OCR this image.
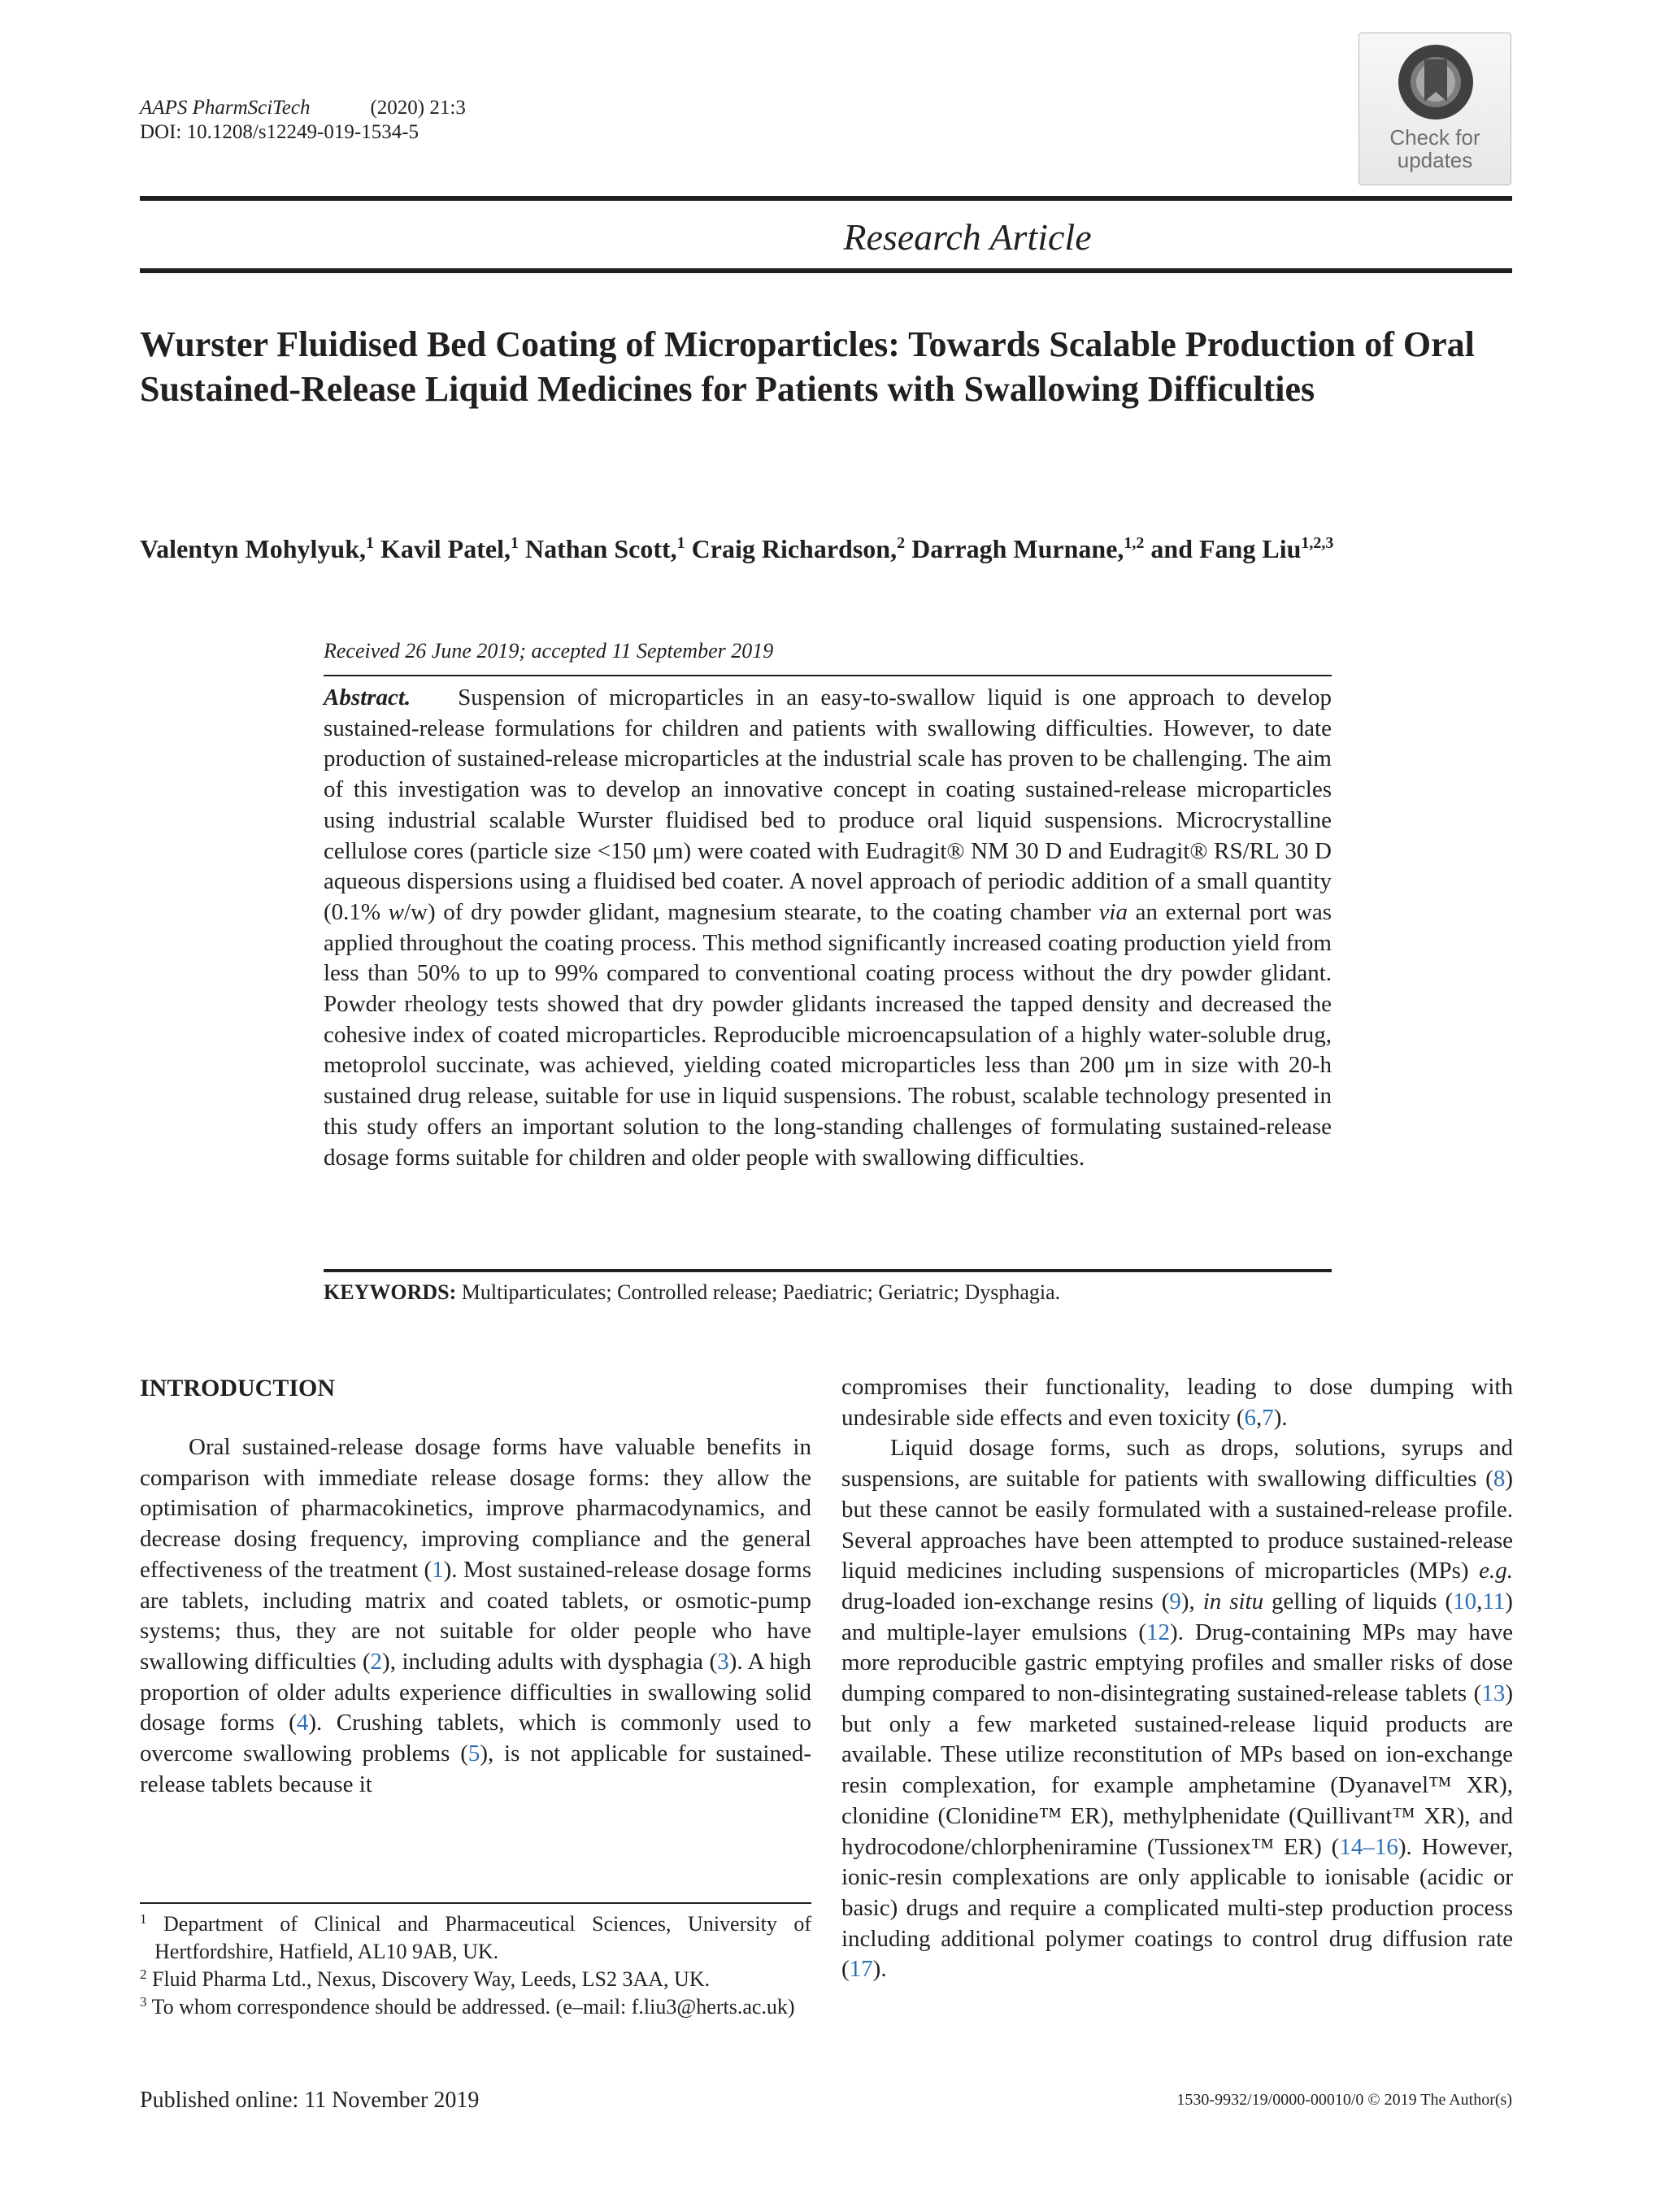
AAPS PharmSciTech	(2020) 21:3
DOI: 10.1208/s12249-019-1534-5	Check for
updates
Research Article
Wurster Fluidised Bed Coating of Microparticles: Towards Scalable Production of Oral Sustained-Release Liquid Medicines for Patients with Swallowing Difficulties
Valentyn Mohylyuk,$^1$ Kavil Patel,$^1$ Nathan Scott,$^1$ Craig Richardson,$^2$ Darragh Murnane,$^{1,2}$ and Fang Liu$^{1,2,3}$
Received 26 June 2019; accepted 11 September 2019

Abstract. Suspension of microparticles in an easy-to-swallow liquid is one approach to develop sustained-release formulations for children and patients with swallowing difficulties. However, to date production of sustained-release microparticles at the industrial scale has proven to be challenging. The aim of this investigation was to develop an innovative concept in coating sustained-release microparticles using industrial scalable Wurster fluidised bed to produce oral liquid suspensions. Microcrystalline cellulose cores (particle size <150 μm) were coated with Eudragit® NM 30 D and Eudragit® RS/RL 30 D aqueous dispersions using a fluidised bed coater. A novel approach of periodic addition of a small quantity (0.1% w/w) of dry powder glidant, magnesium stearate, to the coating chamber via an external port was applied throughout the coating process. This method significantly increased coating production yield from less than 50% to up to 99% compared to conventional coating process without the dry powder glidant. Powder rheology tests showed that dry powder glidants increased the tapped density and decreased the cohesive index of coated microparticles. Reproducible microencapsulation of a highly water-soluble drug, metoprolol succinate, was achieved, yielding coated microparticles less than 200 μm in size with 20-h sustained drug release, suitable for use in liquid suspensions. The robust, scalable technology presented in this study offers an important solution to the long-standing challenges of formulating sustained-release dosage forms suitable for children and older people with swallowing difficulties.

KEYWORDS: Multiparticulates; Controlled release; Paediatric; Geriatric; Dysphagia.
INTRODUCTION

Oral sustained-release dosage forms have valuable benefits in comparison with immediate release dosage forms: they allow the optimisation of pharmacokinetics, improve pharmacodynamics, and decrease dosing frequency, improving compliance and the general effectiveness of the treatment (1). Most sustained-release dosage forms are tablets, including matrix and coated tablets, or osmotic-pump systems; thus, they are not suitable for older people who have swallowing difficulties (2), including adults with dysphagia (3). A high proportion of older adults experience difficulties in swallowing solid dosage forms (4). Crushing tablets, which is commonly used to overcome swallowing problems (5), is not applicable for sustained-release tablets because it

compromises their functionality, leading to dose dumping with undesirable side effects and even toxicity (6,7).

Liquid dosage forms, such as drops, solutions, syrups and suspensions, are suitable for patients with swallowing difficulties (8) but these cannot be easily formulated with a sustained-release profile. Several approaches have been attempted to produce sustained-release liquid medicines including suspensions of microparticles (MPs) e.g. drug-loaded ion-exchange resins (9), in situ gelling of liquids (10,11) and multiple-layer emulsions (12). Drug-containing MPs may have more reproducible gastric emptying profiles and smaller risks of dose dumping compared to non-disintegrating sustained-release tablets (13) but only a few marketed sustained-release liquid products are available. These utilize reconstitution of MPs based on ion-exchange resin complexation, for example amphetamine (Dyanavel™ XR), clonidine (Clonidine™ ER), methylphenidate (Quillivant™ XR), and hydrocodone/chlorpheniramine (Tussionex™ ER) (14–16). However, ionic-resin complexations are only applicable to ionisable (acidic or basic) drugs and require a complicated multi-step production process including additional polymer coatings to control drug diffusion rate (17).

$^1$ Department of Clinical and Pharmaceutical Sciences, University of Hertfordshire, Hatfield, AL10 9AB, UK.
$^2$ Fluid Pharma Ltd., Nexus, Discovery Way, Leeds, LS2 3AA, UK.
$^3$ To whom correspondence should be addressed. (e–mail: f.liu3@herts.ac.uk)
Published online: 11 November 2019	1530-9932/19/0000-00010/0 © 2019 The Author(s)
